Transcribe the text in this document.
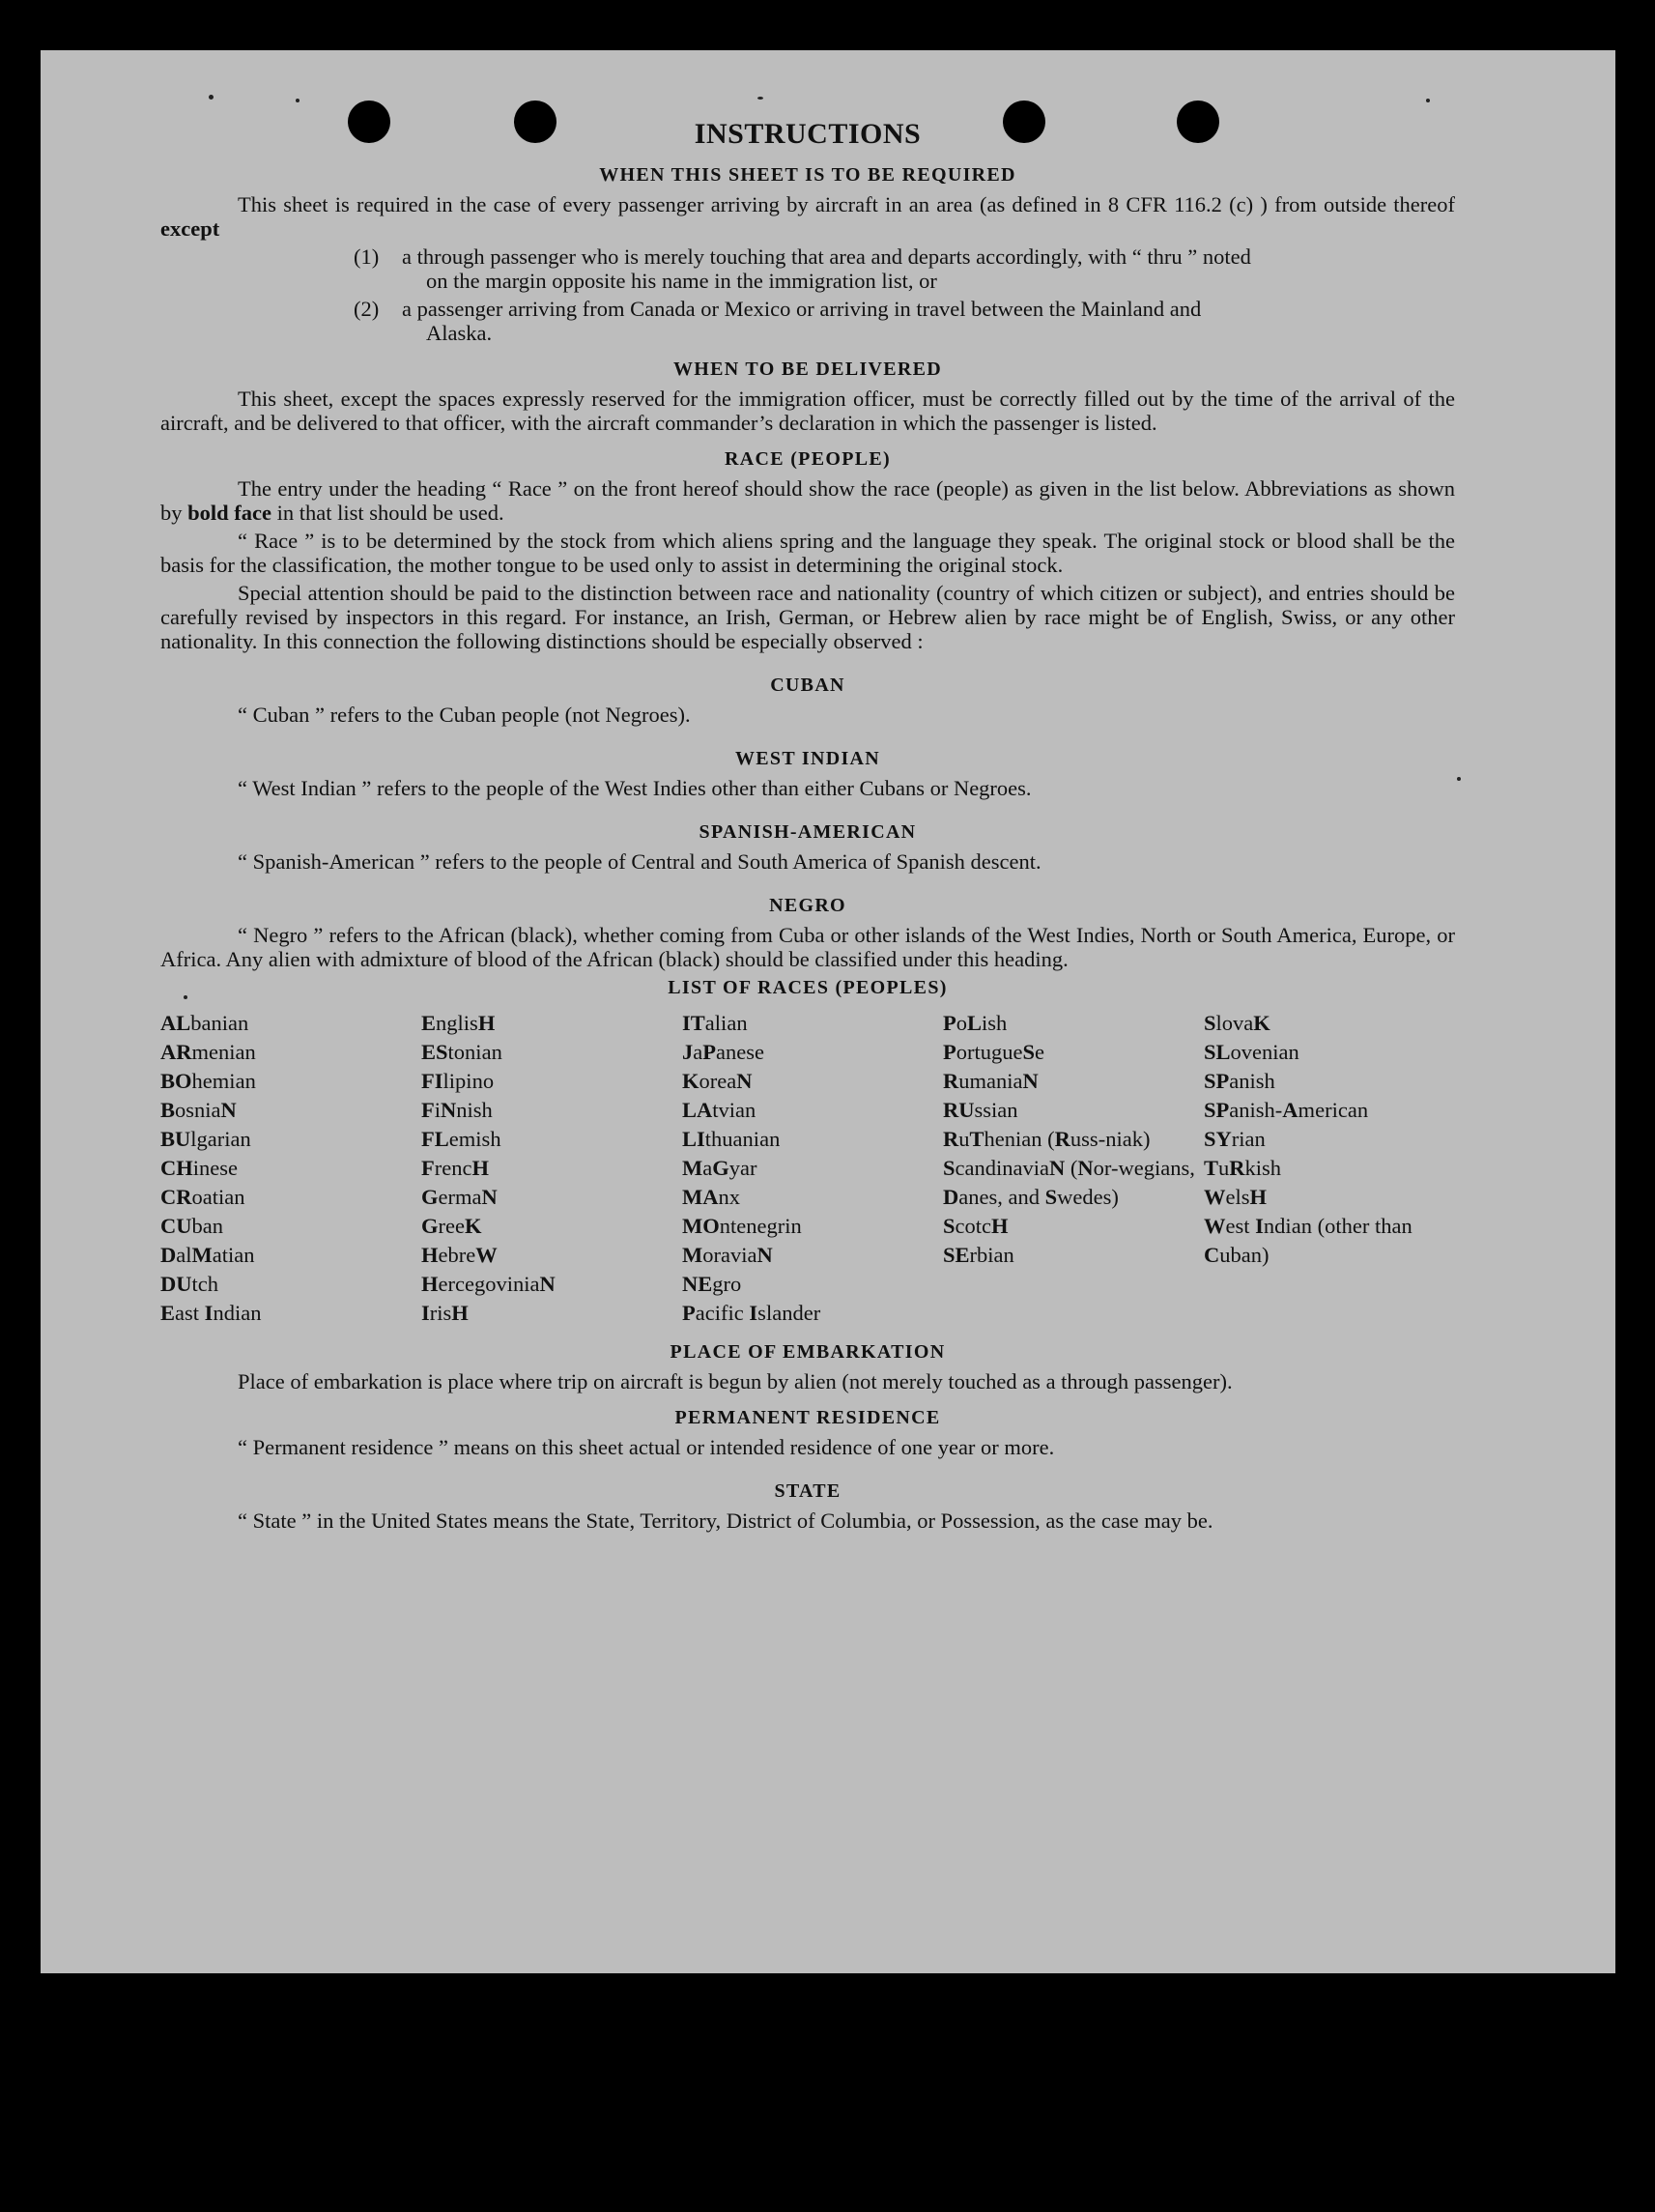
INSTRUCTIONS
WHEN THIS SHEET IS TO BE REQUIRED

This sheet is required in the case of every passenger arriving by aircraft in an area (as defined in 8 CFR 116.2 (c) ) from outside thereof except

(1)	a through passenger who is merely touching that area and departs accordingly, with “ thru ” noted
on the margin opposite his name in the immigration list, or
(2)	a passenger arriving from Canada or Mexico or arriving in travel between the Mainland and
Alaska.
WHEN TO BE DELIVERED

This sheet, except the spaces expressly reserved for the immigration officer, must be correctly filled out by the time of the arrival of the aircraft, and be delivered to that officer, with the aircraft commander’s declaration in which the passenger is listed.

RACE (PEOPLE)

The entry under the heading “ Race ” on the front hereof should show the race (people) as given in the list below. Abbreviations as shown by bold face in that list should be used.

“ Race ” is to be determined by the stock from which aliens spring and the language they speak. The original stock or blood shall be the basis for the classification, the mother tongue to be used only to assist in determining the original stock.

Special attention should be paid to the distinction between race and nationality (country of which citizen or subject), and entries should be carefully revised by inspectors in this regard. For instance, an Irish, German, or Hebrew alien by race might be of English, Swiss, or any other nationality. In this connection the following distinctions should be especially observed :

CUBAN

“ Cuban ” refers to the Cuban people (not Negroes).

WEST INDIAN

“ West Indian ” refers to the people of the West Indies other than either Cubans or Negroes.

SPANISH-AMERICAN

“ Spanish-American ” refers to the people of Central and South America of Spanish descent.

NEGRO

“ Negro ” refers to the African (black), whether coming from Cuba or other islands of the West Indies, North or South America, Europe, or Africa. Any alien with admixture of blood of the African (black) should be classified under this heading.

LIST OF RACES (PEOPLES)
ALbanian
ARmenian
BOhemian
BosniaN
BUlgarian
CHinese
CRoatian
CUban
DalMatian
DUtch
East Indian
EnglisH
EStonian
FIlipino
FiNnish
FLemish
FrencH
GermaN
GreeK
HebreW
HercegoviniaN
IrisH
ITalian
JaPanese
KoreaN
LAtvian
LIthuanian
MaGyar
MAnx
MOntenegrin
MoraviaN
NEgro
Pacific Islander
PoLish
PortugueSe
RumaniaN
RUssian
RuThenian (Russ-niak)
ScandinaviaN (Nor-wegians, Danes, and Swedes)
ScotcH
SErbian
SlovaK
SLovenian
SPanish
SPanish-American
SYrian
TuRkish
WelsH
West Indian (other than Cuban)
PLACE OF EMBARKATION

Place of embarkation is place where trip on aircraft is begun by alien (not merely touched as a through passenger).

PERMANENT RESIDENCE

“ Permanent residence ” means on this sheet actual or intended residence of one year or more.

STATE

“ State ” in the United States means the State, Territory, District of Columbia, or Possession, as the case may be.
